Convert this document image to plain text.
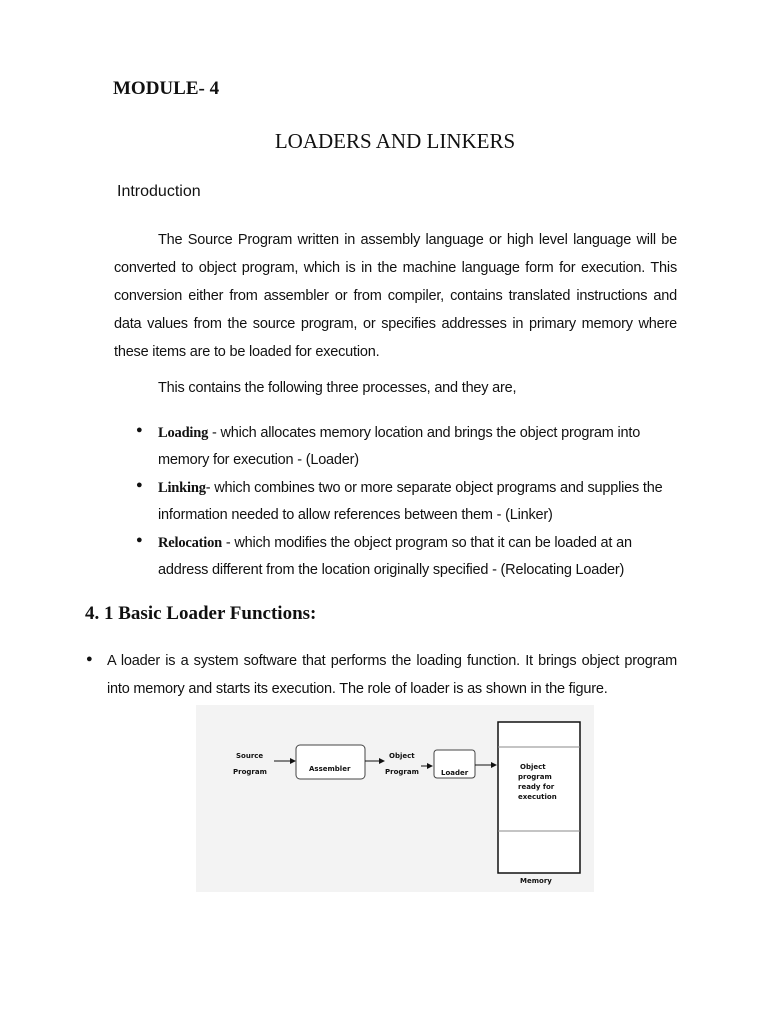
MODULE- 4
LOADERS AND LINKERS
Introduction
The Source Program written in assembly language or high level language will be converted to object program, which is in the machine language form for execution. This conversion either from assembler or from compiler, contains translated instructions and data values from the source program, or specifies addresses in primary memory where these items are to be loaded for execution.
This contains the following three processes, and they are,
● Loading - which allocates memory location and brings the object program into memory for execution - (Loader)
● Linking- which combines two or more separate object programs and supplies the information needed to allow references between them - (Linker)
● Relocation - which modifies the object program so that it can be loaded at an address different from the location originally specified - (Relocating Loader)
4. 1 Basic Loader Functions:
● A loader is a system software that performs the loading function. It brings object program into memory and starts its execution. The role of loader is as shown in the figure.
Source
Program	Assembler
Object
Program	Loader
Object
program
ready for
execution
Memory
